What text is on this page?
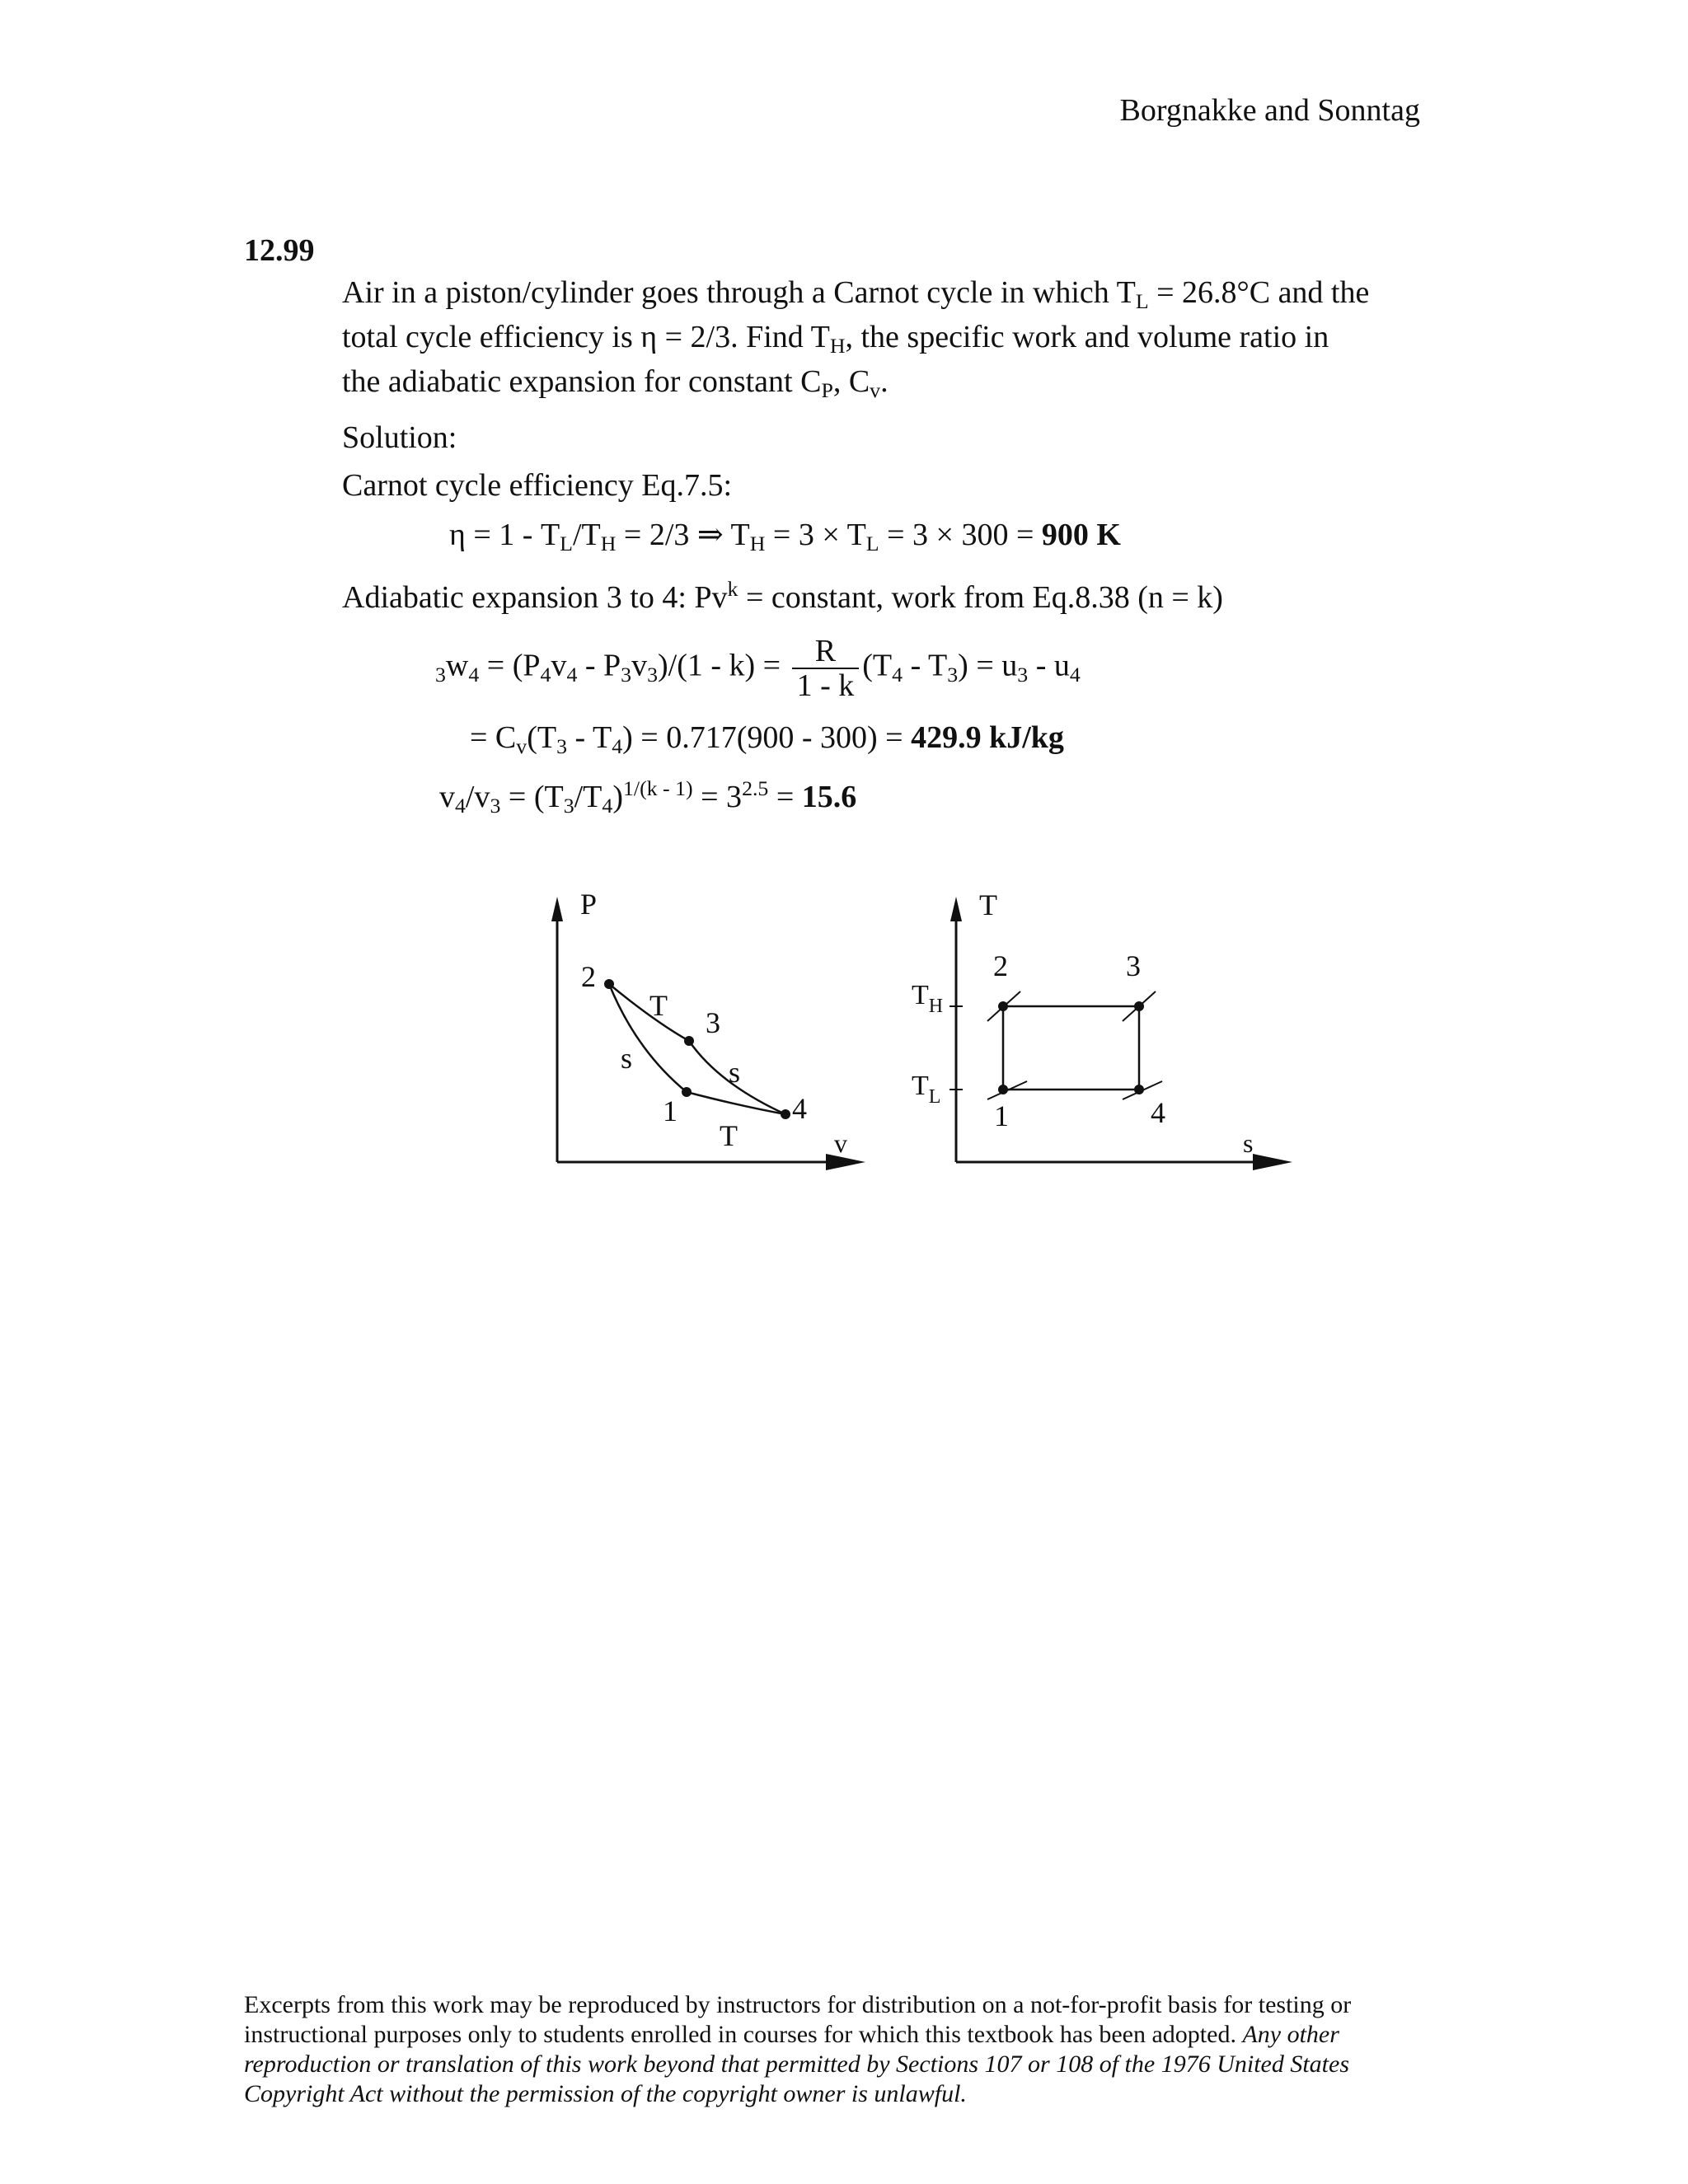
Borgnakke and Sonntag
12.99
Air in a piston/cylinder goes through a Carnot cycle in which $T_L = 26.8^\circ C$ and the
total cycle efficiency is η = 2/3. Find $T_H$, the specific work and volume ratio in
the adiabatic expansion for constant $C_P$, $C_v$.
Solution:
Carnot cycle efficiency Eq.7.5:
$\eta = 1 - T_L/T_H = 2/3$ ⇒ $T_H = 3 \times T_L = 3 \times 300 = 900$ K
Adiabatic expansion 3 to 4: $Pv^k$ = constant, work from Eq.8.38 (n = k)
$_3w_4 = (P_4v_4 - P_3v_3)/(1 - k) = \frac{R}{1 - k} (T_4 - T_3) = u_3 - u_4$
= $C_v(T_3 - T_4) = 0.717(900 - 300) = 429.9$ kJ/kg
$v_4/v_3 = (T_3/T_4)^{1/(k - 1)} = 3^{2.5} = 15.6$
P
v
2
3
1	4
T
s	s
T
T
s
$T_H$
$T_L$
2	3
1	4
Excerpts from this work may be reproduced by instructors for distribution on a not-for-profit basis for testing or instructional purposes only to students enrolled in courses for which this textbook has been adopted. Any other reproduction or translation of this work beyond that permitted by Sections 107 or 108 of the 1976 United States Copyright Act without the permission of the copyright owner is unlawful.
